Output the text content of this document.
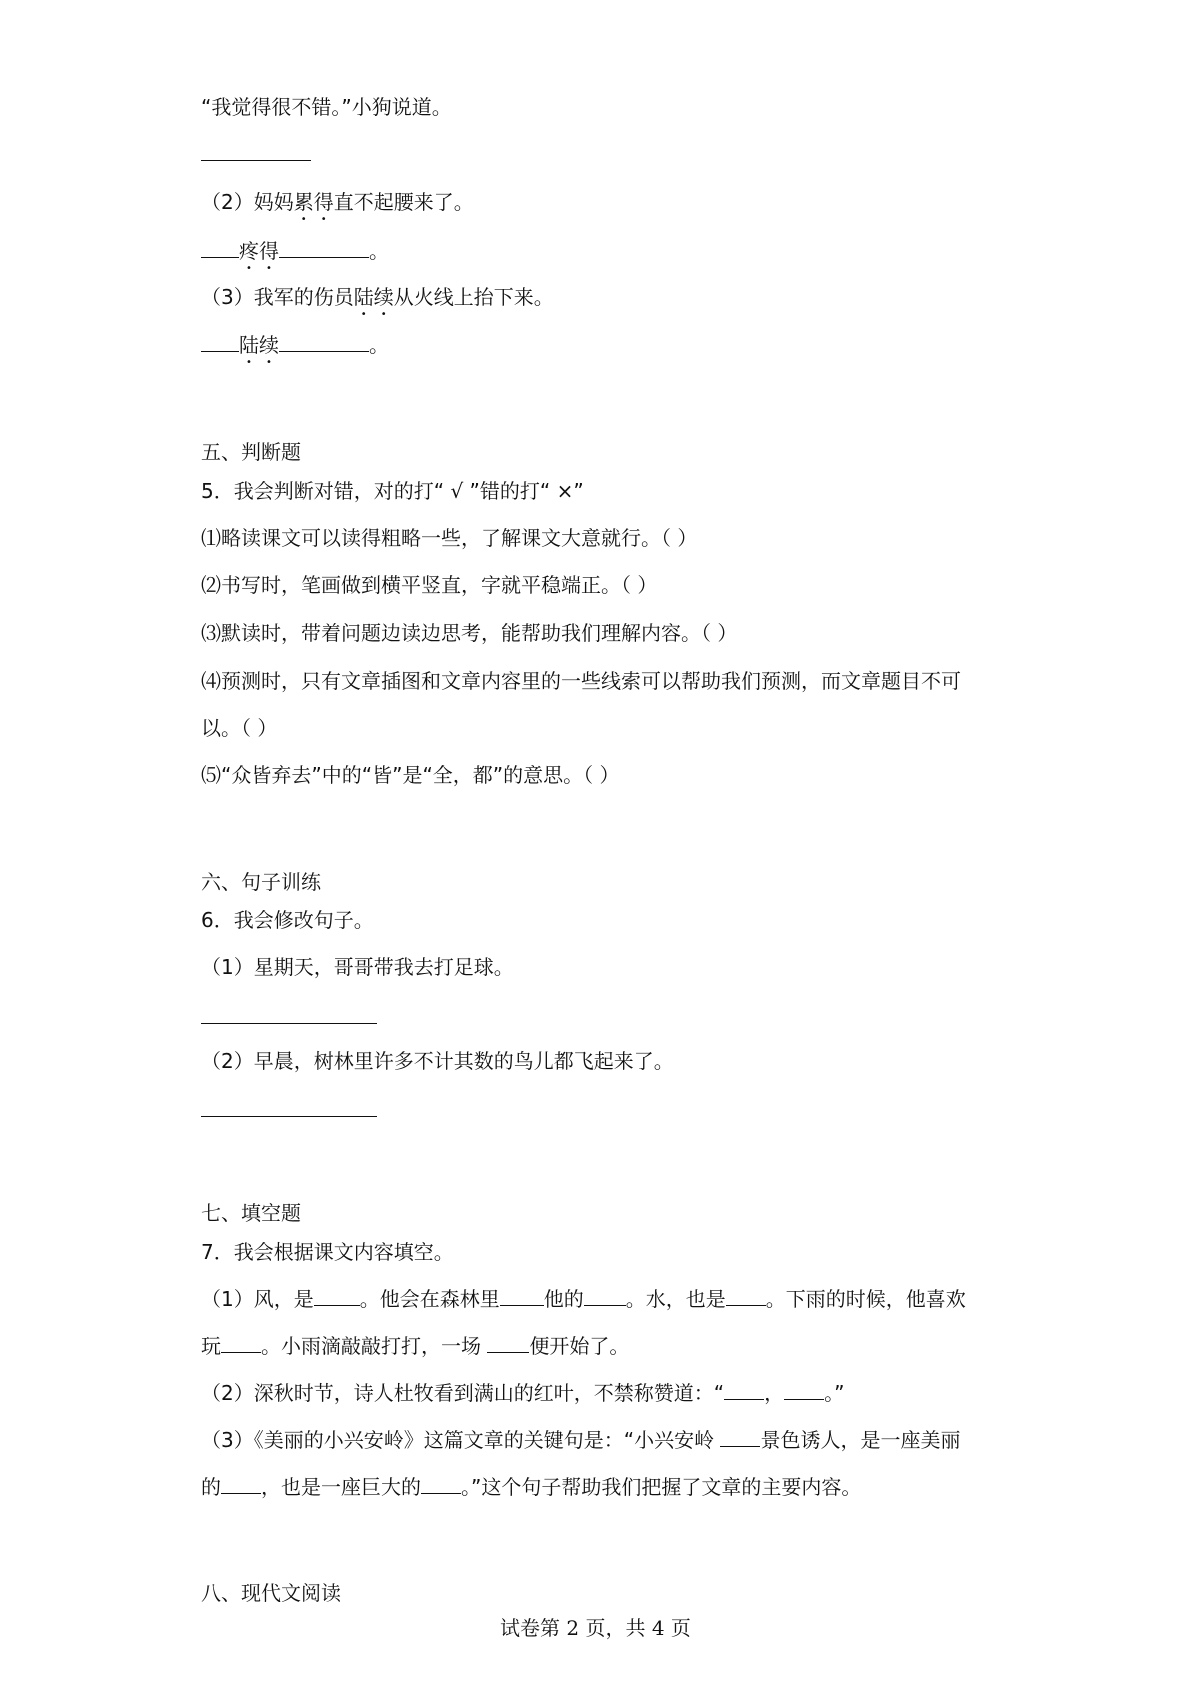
“我觉得很不错。”小狗说道。
（2）妈妈累得直不起腰来了。
疼得	。
（3）我军的伤员陆续从火线上抬下来。
陆续	。
五、判断题
5．我会判断对错，对的打“ √ ”错的打“ ×”
⑴略读课文可以读得粗略一些，了解课文大意就行。（ ）
⑵书写时，笔画做到横平竖直，字就平稳端正。（ ）
⑶默读时，带着问题边读边思考，能帮助我们理解内容。（ ）
⑷预测时，只有文章插图和文章内容里的一些线索可以帮助我们预测，而文章题目不可
以。（ ）
⑸“众皆弃去”中的“皆”是“全，都”的意思。（ ）
六、句子训练
6．我会修改句子。
（1）星期天，哥哥带我去打足球。
（2）早晨，树林里许多不计其数的鸟儿都飞起来了。
七、填空题
7．我会根据课文内容填空。
（1）风，是 。他会在森林里 他的 。水，也是 。下雨的时候，他喜欢
玩 。小雨滴敲敲打打，一场 便开始了。
（2）深秋时节，诗人杜牧看到满山的红叶，不禁称赞道：“ ， 。”
（3）《美丽的小兴安岭》这篇文章的关键句是：“小兴安岭 景色诱人，是一座美丽
的 ，也是一座巨大的 。”这个句子帮助我们把握了文章的主要内容。
八、现代文阅读
试卷第 2 页，共 4 页
